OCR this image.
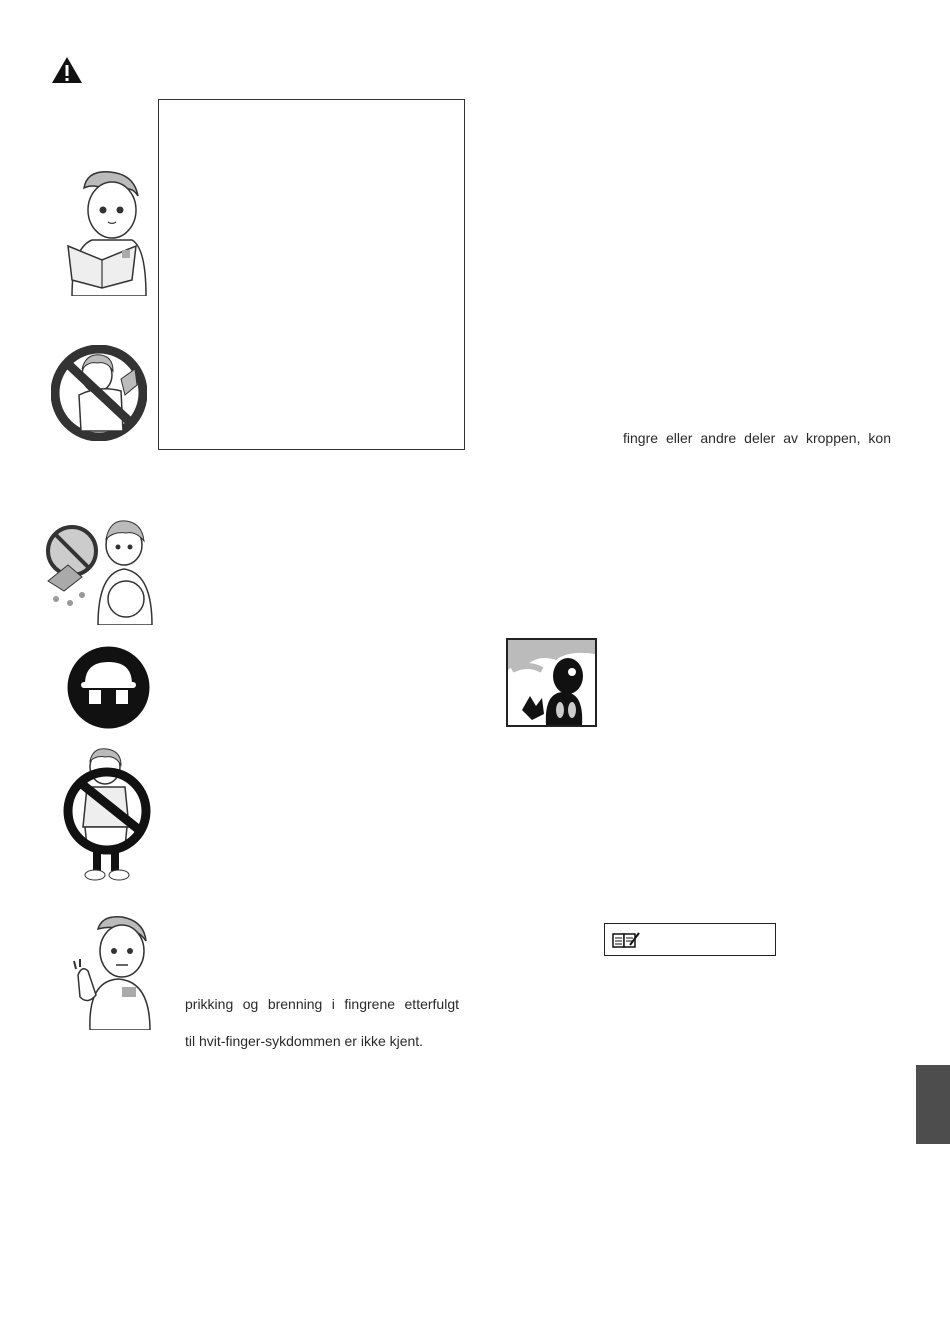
fingre eller andre deler av kroppen, kon
prikking og brenning i fingrene etterfulgt
til hvit-finger-sykdommen er ikke kjent.
